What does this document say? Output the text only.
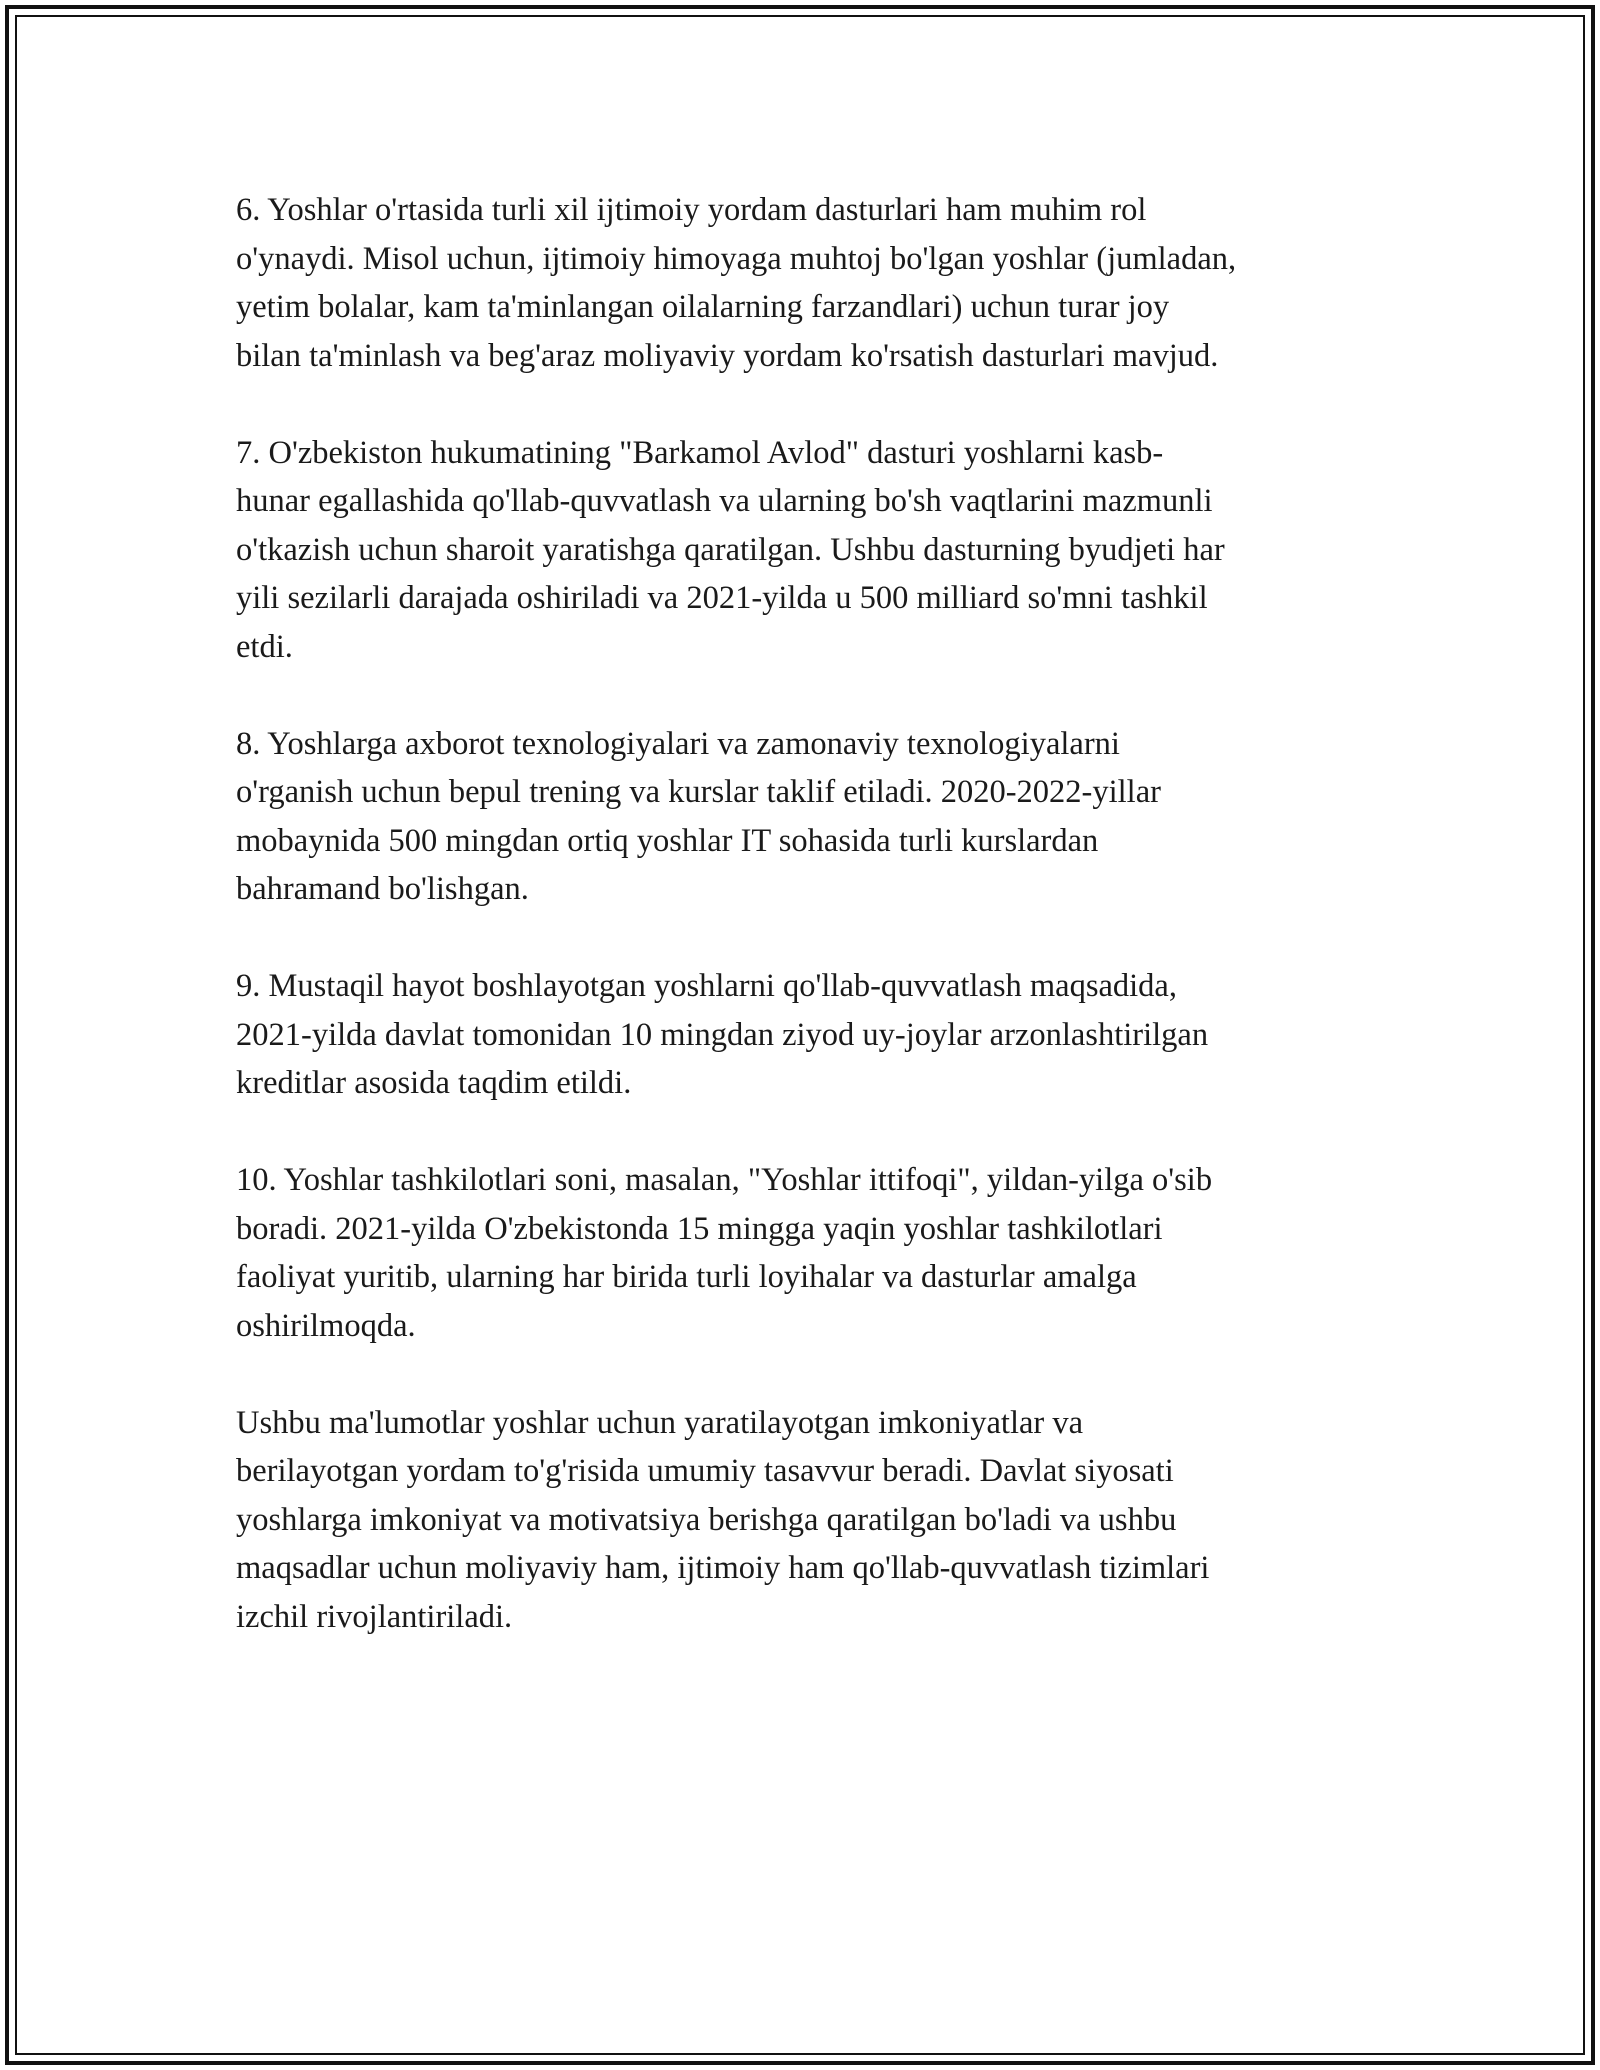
6. Yoshlar o'rtasida turli xil ijtimoiy yordam dasturlari ham muhim rol
o'ynaydi. Misol uchun, ijtimoiy himoyaga muhtoj bo'lgan yoshlar (jumladan,
yetim bolalar, kam ta'minlangan oilalarning farzandlari) uchun turar joy
bilan ta'minlash va beg'araz moliyaviy yordam ko'rsatish dasturlari mavjud.

7. O'zbekiston hukumatining "Barkamol Avlod" dasturi yoshlarni kasb-
hunar egallashida qo'llab-quvvatlash va ularning bo'sh vaqtlarini mazmunli
o'tkazish uchun sharoit yaratishga qaratilgan. Ushbu dasturning byudjeti har
yili sezilarli darajada oshiriladi va 2021-yilda u 500 milliard so'mni tashkil
etdi.

8. Yoshlarga axborot texnologiyalari va zamonaviy texnologiyalarni
o'rganish uchun bepul trening va kurslar taklif etiladi. 2020-2022-yillar
mobaynida 500 mingdan ortiq yoshlar IT sohasida turli kurslardan
bahramand bo'lishgan.

9. Mustaqil hayot boshlayotgan yoshlarni qo'llab-quvvatlash maqsadida,
2021-yilda davlat tomonidan 10 mingdan ziyod uy-joylar arzonlashtirilgan
kreditlar asosida taqdim etildi.

10. Yoshlar tashkilotlari soni, masalan, "Yoshlar ittifoqi", yildan-yilga o'sib
boradi. 2021-yilda O'zbekistonda 15 mingga yaqin yoshlar tashkilotlari
faoliyat yuritib, ularning har birida turli loyihalar va dasturlar amalga
oshirilmoqda.

Ushbu ma'lumotlar yoshlar uchun yaratilayotgan imkoniyatlar va
berilayotgan yordam to'g'risida umumiy tasavvur beradi. Davlat siyosati
yoshlarga imkoniyat va motivatsiya berishga qaratilgan bo'ladi va ushbu
maqsadlar uchun moliyaviy ham, ijtimoiy ham qo'llab-quvvatlash tizimlari
izchil rivojlantiriladi.
